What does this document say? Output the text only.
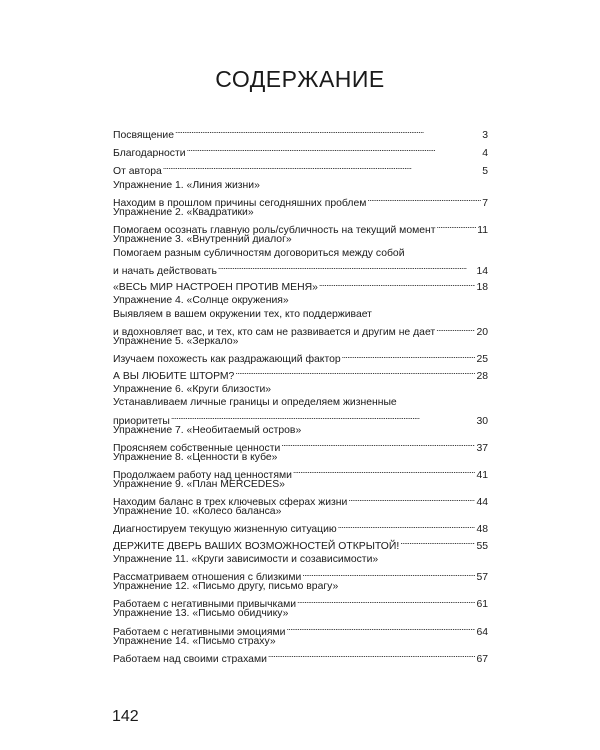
СОДЕРЖАНИЕ
Посвящение . . .	3
Благодарности . . .	4
От автора . . .	5
Упражнение 1. «Линия жизни»
Находим в прошлом причины сегодняшних проблем . . .	7
Упражнение 2. «Квадратики»
Помогаем осознать главную роль/субличность на текущий момент . . .	11
Упражнение 3. «Внутренний диалог»
Помогаем разным субличностям договориться между собой
и начать действовать . . .	14
«ВЕСЬ МИР НАСТРОЕН ПРОТИВ МЕНЯ» . . .	18
Упражнение 4. «Солнце окружения»
Выявляем в вашем окружении тех, кто поддерживает
и вдохновляет вас, и тех, кто сам не развивается и другим не дает . . .	20
Упражнение 5. «Зеркало»
Изучаем похожесть как раздражающий фактор . . .	25
А ВЫ ЛЮБИТЕ ШТОРМ? . . .	28
Упражнение 6. «Круги близости»
Устанавливаем личные границы и определяем жизненные
приоритеты . . .	30
Упражнение 7. «Необитаемый остров»
Проясняем собственные ценности . . .	37
Упражнение 8. «Ценности в кубе»
Продолжаем работу над ценностями . . .	41
Упражнение 9. «План MERCEDES»
Находим баланс в трех ключевых сферах жизни . . .	44
Упражнение 10. «Колесо баланса»
Диагностируем текущую жизненную ситуацию . . .	48
ДЕРЖИТЕ ДВЕРЬ ВАШИХ ВОЗМОЖНОСТЕЙ ОТКРЫТОЙ! . . .	55
Упражнение 11. «Круги зависимости и созависимости»
Рассматриваем отношения с близкими . . .	57
Упражнение 12. «Письмо другу, письмо врагу»
Работаем с негативными привычками . . .	61
Упражнение 13. «Письмо обидчику»
Работаем с негативными эмоциями . . .	64
Упражнение 14. «Письмо страху»
Работаем над своими страхами . . .	67
142
